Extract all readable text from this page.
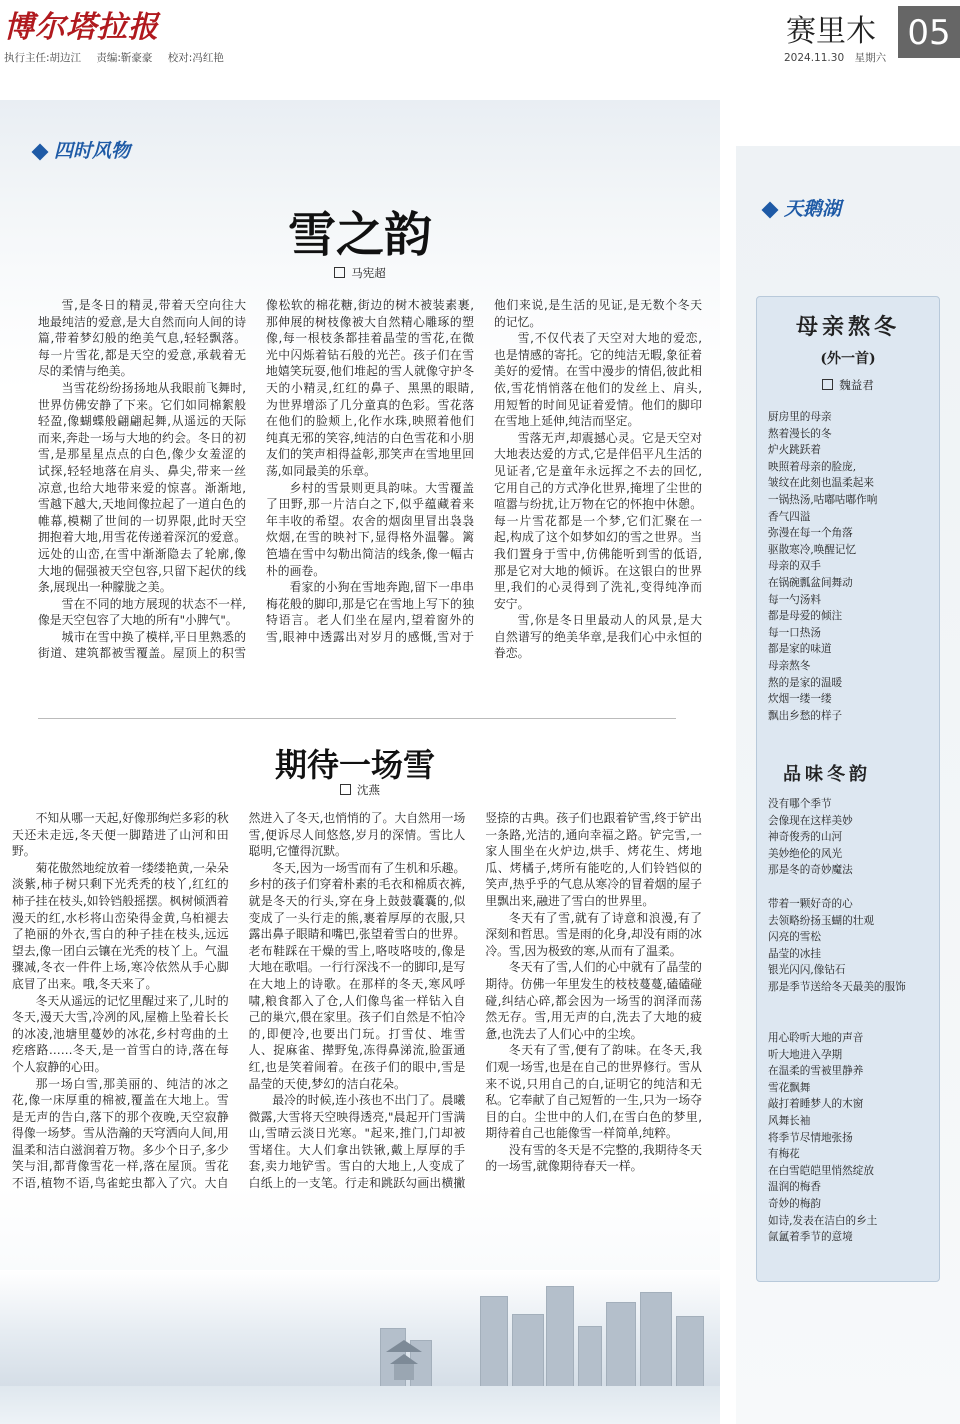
博尔塔拉报
执行主任:胡边江 责编:靳豪豪 校对:冯红艳
赛里木 05
2024.11.30　星期六
四时风物
天鹅湖
雪之韵
马宪超

雪,是冬日的精灵,带着天空向往大地最纯洁的爱意,是大自然而向人间的诗篇,带着梦幻般的绝美气息,轻轻飘落。每一片雪花,都是天空的爱意,承载着无尽的柔情与绝美。

当雪花纷纷扬扬地从我眼前飞舞时,世界仿佛安静了下来。它们如同棉絮般轻盈,像蝴蝶般翩翩起舞,从遥远的天际而来,奔赴一场与大地的约会。冬日的初雪,是那星星点点的白色,像少女羞涩的试探,轻轻地落在肩头、鼻尖,带来一丝凉意,也给大地带来爱的惊喜。渐渐地,雪越下越大,天地间像拉起了一道白色的帷幕,模糊了世间的一切界限,此时天空拥抱着大地,用雪花传递着深沉的爱意。远处的山峦,在雪中渐渐隐去了轮廓,像大地的倔强被天空包容,只留下起伏的线条,展现出一种朦胧之美。

雪在不同的地方展现的状态不一样,像是天空包容了大地的所有"小脾气"。

城市在雪中换了模样,平日里熟悉的街道、建筑都被雪覆盖。屋顶上的积雪像松软的棉花糖,街边的树木被装素裹,那伸展的树枝像被大自然精心雕琢的塑像,每一根枝条都挂着晶莹的雪花,在微光中闪烁着钻石般的光芒。孩子们在雪地嬉笑玩耍,他们堆起的雪人就像守护冬天的小精灵,红红的鼻子、黑黑的眼睛,为世界增添了几分童真的色彩。雪花落在他们的脸颊上,化作水珠,映照着他们纯真无邪的笑容,纯洁的白色雪花和小朋友们的笑声相得益彰,那笑声在雪地里回荡,如同最美的乐章。

乡村的雪景则更具韵味。大雪覆盖了田野,那一片洁白之下,似乎蕴藏着来年丰收的希望。农舍的烟囱里冒出袅袅炊烟,在雪的映衬下,显得格外温馨。篱笆墙在雪中勾勒出简洁的线条,像一幅古朴的画卷。

看家的小狗在雪地奔跑,留下一串串梅花般的脚印,那是它在雪地上写下的独特语言。老人们坐在屋内,望着窗外的雪,眼神中透露出对岁月的感慨,雪对于他们来说,是生活的见证,是无数个冬天的记忆。

雪,不仅代表了天空对大地的爱恋,也是情感的寄托。它的纯洁无暇,象征着美好的爱情。在雪中漫步的情侣,彼此相依,雪花悄悄落在他们的发丝上、肩头,用短暂的时间见证着爱情。他们的脚印在雪地上延伸,纯洁而坚定。

雪落无声,却震撼心灵。它是天空对大地表达爱的方式,它是伴侣平凡生活的见证者,它是童年永远挥之不去的回忆,它用自己的方式净化世界,掩埋了尘世的喧嚣与纷扰,让万物在它的怀抱中休憩。每一片雪花都是一个梦,它们汇聚在一起,构成了这个如梦如幻的雪之世界。当我们置身于雪中,仿佛能听到雪的低语,那是它对大地的倾诉。在这银白的世界里,我们的心灵得到了洗礼,变得纯净而安宁。

雪,你是冬日里最动人的风景,是大自然谱写的绝美华章,是我们心中永恒的眷恋。

期待一场雪
沈燕

不知从哪一天起,好像那绚烂多彩的秋天还未走远,冬天便一脚踏进了山河和田野。

菊花傲然地绽放着一缕缕艳黄,一朵朵淡紫,柿子树只剩下光秃秃的枝丫,红红的柿子挂在枝头,如铃铛般摇摆。枫树倾洒着漫天的红,水杉将山峦染得金黄,乌桕褪去了艳丽的外衣,雪白的种子挂在枝头,远远望去,像一团白云镶在光秃的枝丫上。气温骤减,冬衣一件件上场,寒冷依然从手心脚底冒了出来。哦,冬天来了。

冬天从遥远的记忆里醒过来了,儿时的冬天,漫天大雪,冷冽的风,屋檐上坠着长长的冰凌,池塘里蔓妙的冰花,乡村弯曲的土疙瘩路……冬天,是一首雪白的诗,落在每个人寂静的心田。

那一场白雪,那美丽的、纯洁的冰之花,像一床厚重的棉被,覆盖在大地上。雪是无声的告白,落下的那个夜晚,天空寂静得像一场梦。雪从浩瀚的天穹洒向人间,用温柔和洁白滋润着万物。多少个日子,多少笑与泪,都背像雪花一样,落在屋顶。雪花不语,植物不语,鸟雀蛇虫都入了穴。大自然进入了冬天,也悄悄的了。大自然用一场雪,便诉尽人间悠悠,岁月的深情。雪比人聪明,它懂得沉默。

冬天,因为一场雪而有了生机和乐趣。乡村的孩子们穿着朴素的毛衣和棉质衣裤,就是冬天的行头,穿在身上鼓鼓囊囊的,似变成了一头行走的熊,裹着厚厚的衣服,只露出鼻子眼睛和嘴巴,张望着雪白的世界。老布鞋踩在干燥的雪上,咯吱咯吱的,像是大地在歌唱。一行行深浅不一的脚印,是写在大地上的诗歌。在那样的冬天,寒风呼啸,粮食都入了仓,人们像鸟雀一样钻入自己的巢穴,偎在家里。孩子们自然是不怕冷的,即便冷,也要出门玩。打雪仗、堆雪人、捉麻雀、撵野兔,冻得鼻涕流,脸蛋通红,也是笑着闹着。在孩子们的眼中,雪是晶莹的天使,梦幻的洁白花朵。

最冷的时候,连小孩也不出门了。晨曦微露,大雪将天空映得透亮,"晨起开门雪满山,雪晴云淡日光寒。"起来,推门,门却被雪堵住。大人们拿出铁锹,戴上厚厚的手套,卖力地铲雪。雪白的大地上,人变成了白纸上的一支笔。行走和跳跃勾画出横撇竖捺的古典。孩子们也跟着铲雪,终于铲出一条路,光洁的,通向幸福之路。铲完雪,一家人围坐在火炉边,烘手、烤花生、烤地瓜、烤橘子,烤所有能吃的,人们铃铛似的笑声,热乎乎的气息从寒冷的冒着烟的屋子里飘出来,融进了雪白的世界里。

冬天有了雪,就有了诗意和浪漫,有了深刻和哲思。雪是雨的化身,却没有雨的冰冷。雪,因为极致的寒,从而有了温柔。

冬天有了雪,人们的心中就有了晶莹的期待。仿佛一年里发生的枝枝蔓蔓,磕磕碰碰,纠结心碎,都会因为一场雪的润泽而荡然无存。雪,用无声的白,洗去了大地的疲惫,也洗去了人们心中的尘埃。

冬天有了雪,便有了韵味。在冬天,我们观一场雪,也是在自己的世界修行。雪从来不说,只用自己的白,证明它的纯洁和无私。它奉献了自己短暂的一生,只为一场夺目的白。尘世中的人们,在雪白色的梦里,期待着自己也能像雪一样简单,纯粹。

没有雪的冬天是不完整的,我期待冬天的一场雪,就像期待春天一样。

母亲熬冬
(外一首)
魏益君
厨房里的母亲
熬着漫长的冬
炉火跳跃着
映照着母亲的脸庞,
皱纹在此刻也温柔起来
一锅热汤,咕嘟咕嘟作响
香气四溢
弥漫在每一个角落
驱散寒冷,唤醒记忆
母亲的双手
在锅碗瓢盆间舞动
每一勺汤料
都是母爱的倾注
每一口热汤
都是家的味道
母亲熬冬
熬的是家的温暖
炊烟一缕一缕
飘出乡愁的样子
品味冬韵
没有哪个季节
会像现在这样美妙
神奇俊秀的山河
美妙绝伦的风光
那是冬的奇妙魔法
带着一颗好奇的心
去领略纷扬玉蝴的壮观
闪亮的雪松
晶莹的冰挂
银光闪闪,像钻石
那是季节送给冬天最美的服饰
用心聆听大地的声音
听大地进入孕期
在温柔的雪被里静养
雪花飘舞
敲打着睡梦人的木窗
风舞长袖
将季节尽情地张扬
有梅花
在白雪皑皑里悄然绽放
温润的梅香
奇妙的梅韵
如诗,发表在洁白的乡土
氤氲着季节的意境
